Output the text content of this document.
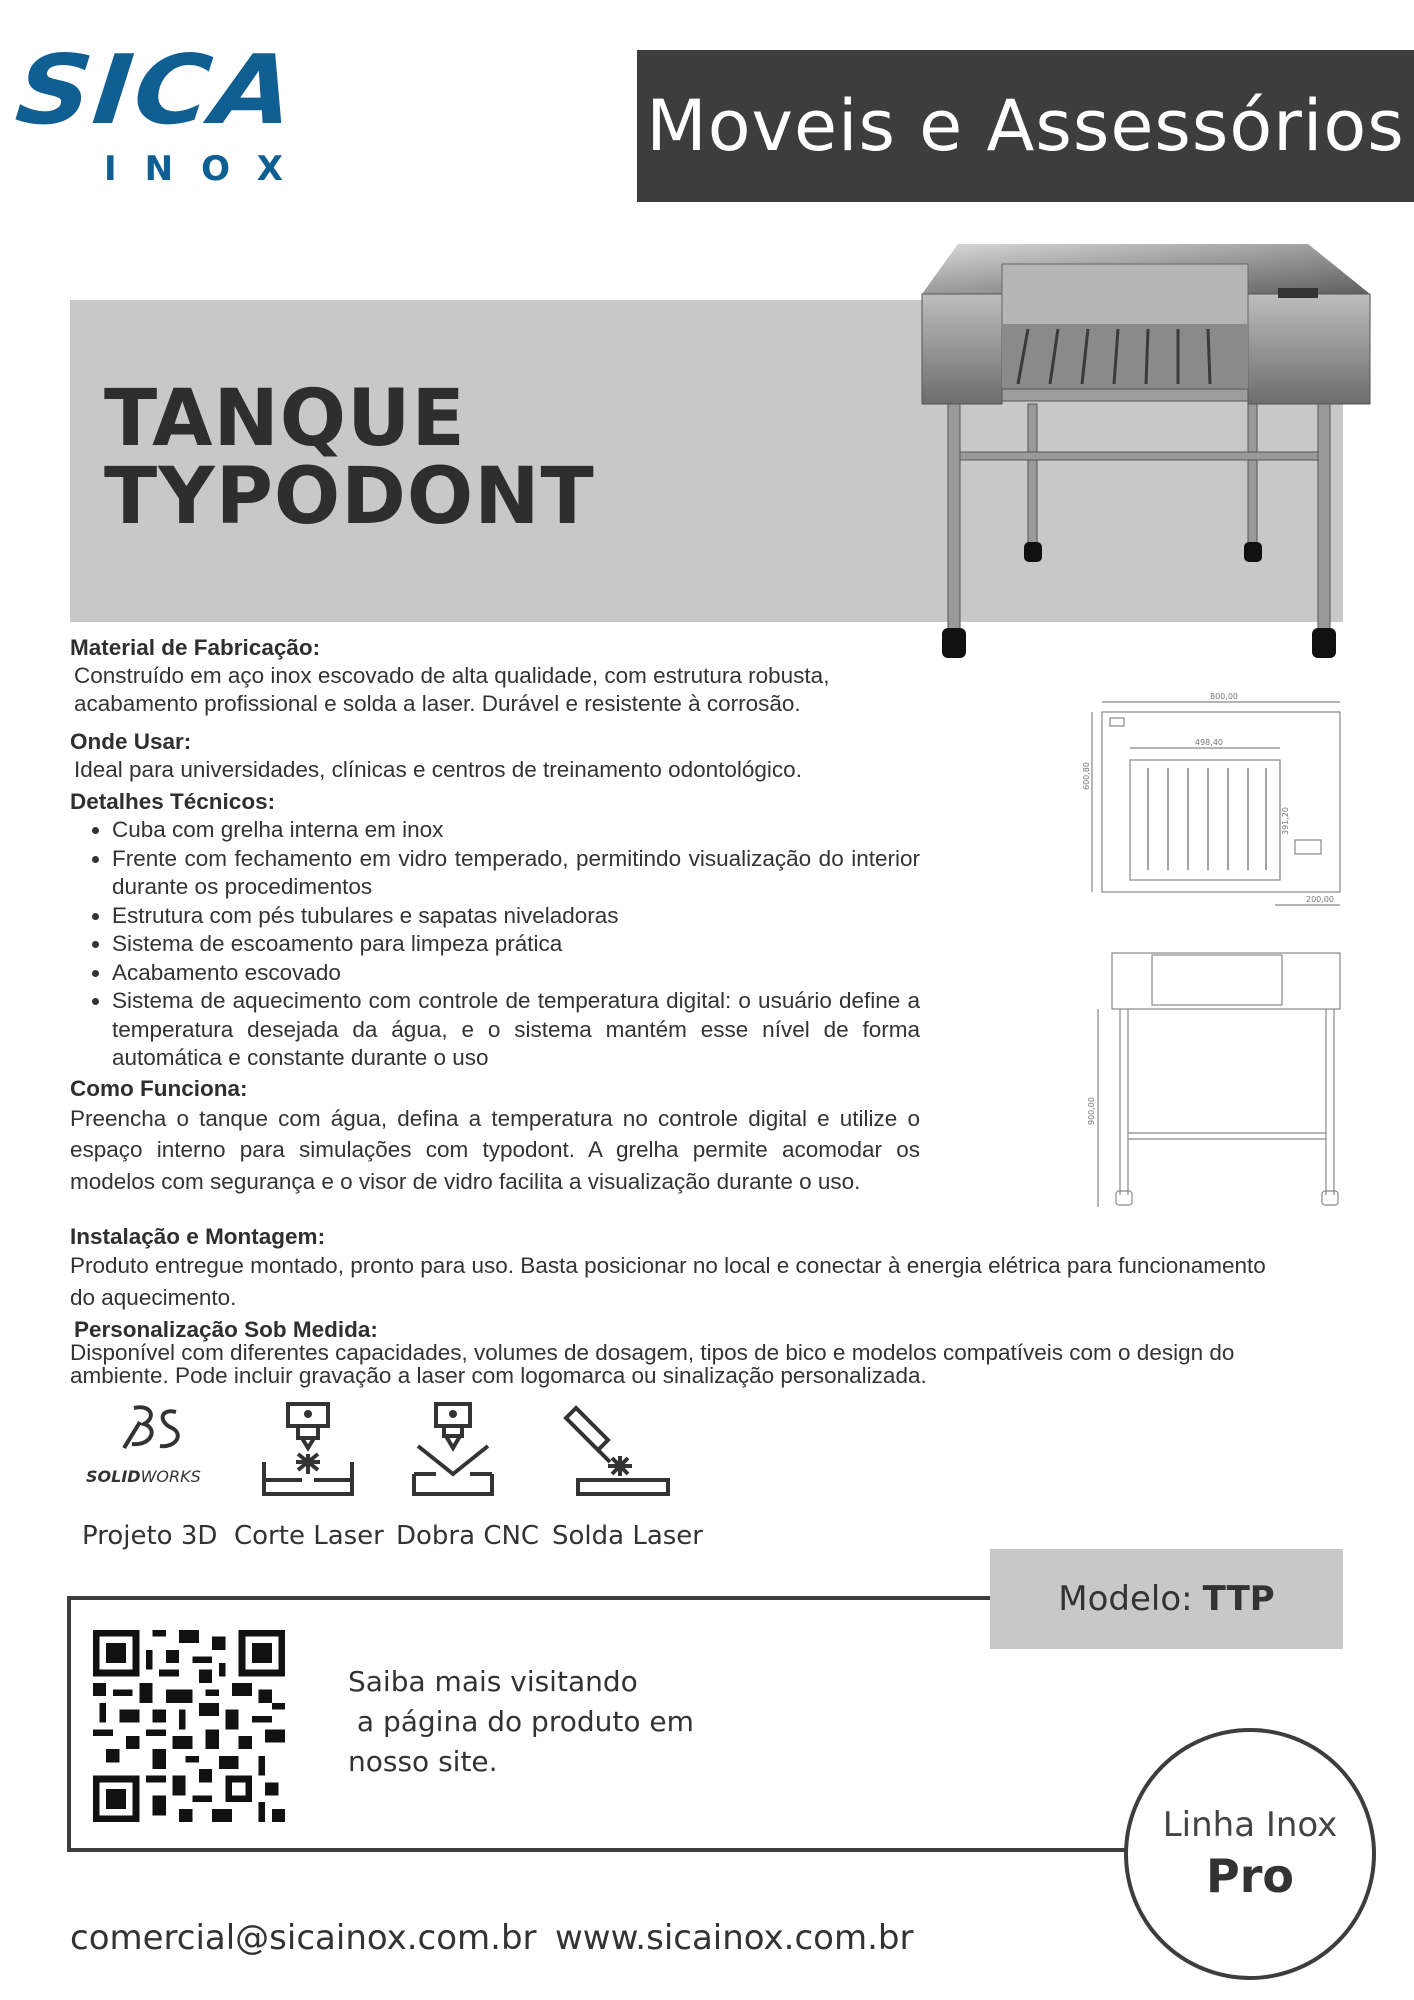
SICA
INOX
Moveis e Assessórios
TANQUE
TYPODONT
800,00
498,40
200,00
600,80
391,20
900,00
Material de Fabricação:
Construído em aço inox escovado de alta qualidade, com estrutura robusta, acabamento profissional e solda a laser. Durável e resistente à corrosão.
Onde Usar:
Ideal para universidades, clínicas e centros de treinamento odontológico.
Detalhes Técnicos:
• Cuba com grelha interna em inox
• Frente com fechamento em vidro temperado, permitindo visualização do interior durante os procedimentos
• Estrutura com pés tubulares e sapatas niveladoras
• Sistema de escoamento para limpeza prática
• Acabamento escovado
• Sistema de aquecimento com controle de temperatura digital: o usuário define a temperatura desejada da água, e o sistema mantém esse nível de forma automática e constante durante o uso
Como Funciona:
Preencha o tanque com água, defina a temperatura no controle digital e utilize o espaço interno para simulações com typodont. A grelha permite acomodar os modelos com segurança e o visor de vidro facilita a visualização durante o uso.
Instalação e Montagem:
Produto entregue montado, pronto para uso. Basta posicionar no local e conectar à energia elétrica para funcionamento do aquecimento.
Personalização Sob Medida:
Disponível com diferentes capacidades, volumes de dosagem, tipos de bico e modelos compatíveis com o design do ambiente. Pode incluir gravação a laser com logomarca ou sinalização personalizada.
SOLIDWORKS
Projeto 3D Corte Laser Dobra CNC Solda Laser
Modelo: TTP
Saiba mais visitando
a página do produto em
nosso site.
Linha Inox
Pro
comercial@sicainox.com.br www.sicainox.com.br
